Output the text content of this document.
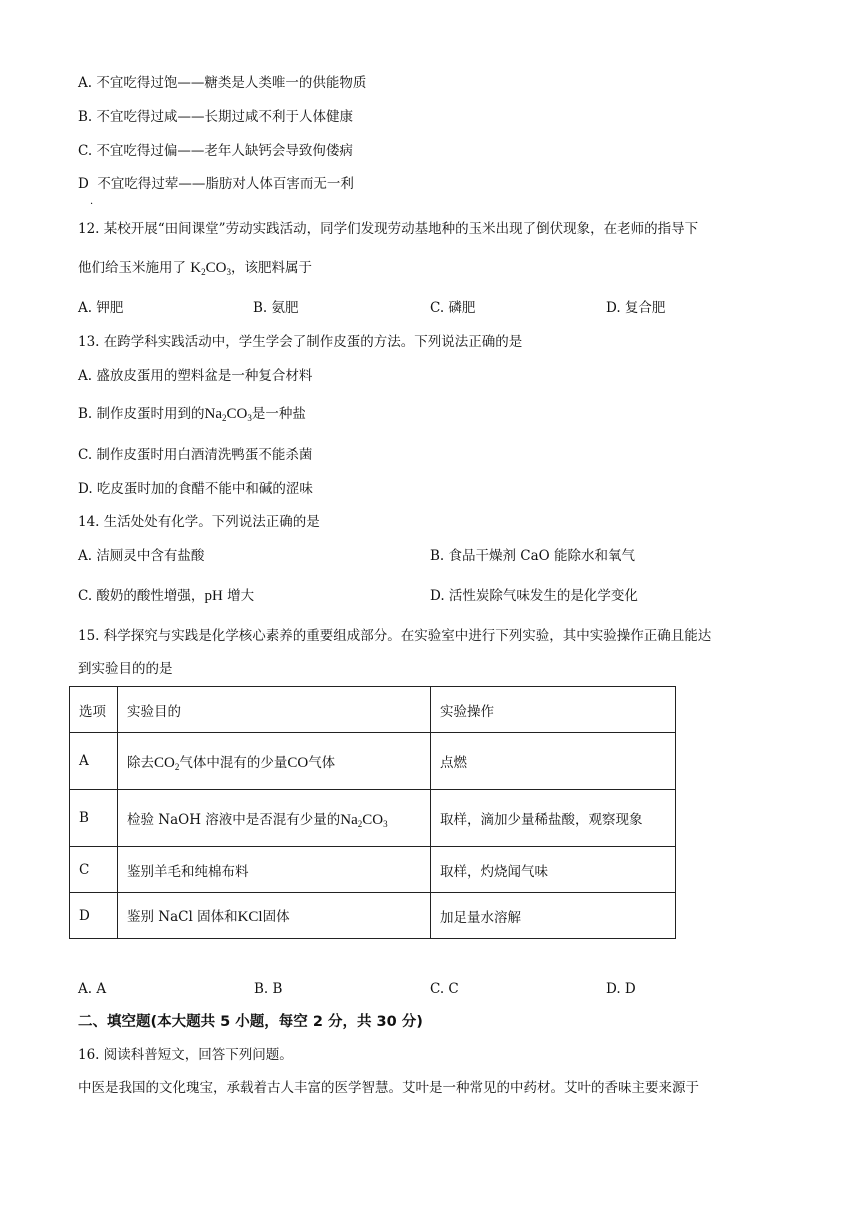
A. 不宜吃得过饱——糖类是人类唯一的供能物质
B. 不宜吃得过咸——长期过咸不利于人体健康
C. 不宜吃得过偏——老年人缺钙会导致佝偻病
D 不宜吃得过荤——脂肪对人体百害而无一利
·
12. 某校开展“田间课堂”劳动实践活动，同学们发现劳动基地种的玉米出现了倒伏现象，在老师的指导下
他们给玉米施用了 $K_2CO_3$，该肥料属于
A. 钾肥	B. 氨肥	C. 磷肥	D. 复合肥
13. 在跨学科实践活动中，学生学会了制作皮蛋的方法。下列说法正确的是
A. 盛放皮蛋用的塑料盆是一种复合材料
B. 制作皮蛋时用到的$Na_2CO_3$是一种盐
C. 制作皮蛋时用白酒清洗鸭蛋不能杀菌
D. 吃皮蛋时加的食醋不能中和碱的涩味
14. 生活处处有化学。下列说法正确的是
A. 洁厕灵中含有盐酸	B. 食品干燥剂 CaO 能除水和氧气
C. 酸奶的酸性增强，pH 增大	D. 活性炭除气味发生的是化学变化
15. 科学探究与实践是化学核心素养的重要组成部分。在实验室中进行下列实验，其中实验操作正确且能达
到实验目的的是
选项	实验目的	实验操作
A	除去$CO_2$气体中混有的少量CO气体	点燃
B	检验 NaOH 溶液中是否混有少量的$Na_2CO_3$	取样，滴加少量稀盐酸，观察现象
C	鉴别羊毛和纯棉布料	取样，灼烧闻气味
D	鉴别 NaCl 固体和KCl固体	加足量水溶解
A. A	B. B	C. C	D. D
二、填空题(本大题共 5 小题，每空 2 分，共 30 分)
16. 阅读科普短文，回答下列问题。
中医是我国的文化瑰宝，承载着古人丰富的医学智慧。艾叶是一种常见的中药材。艾叶的香味主要来源于
